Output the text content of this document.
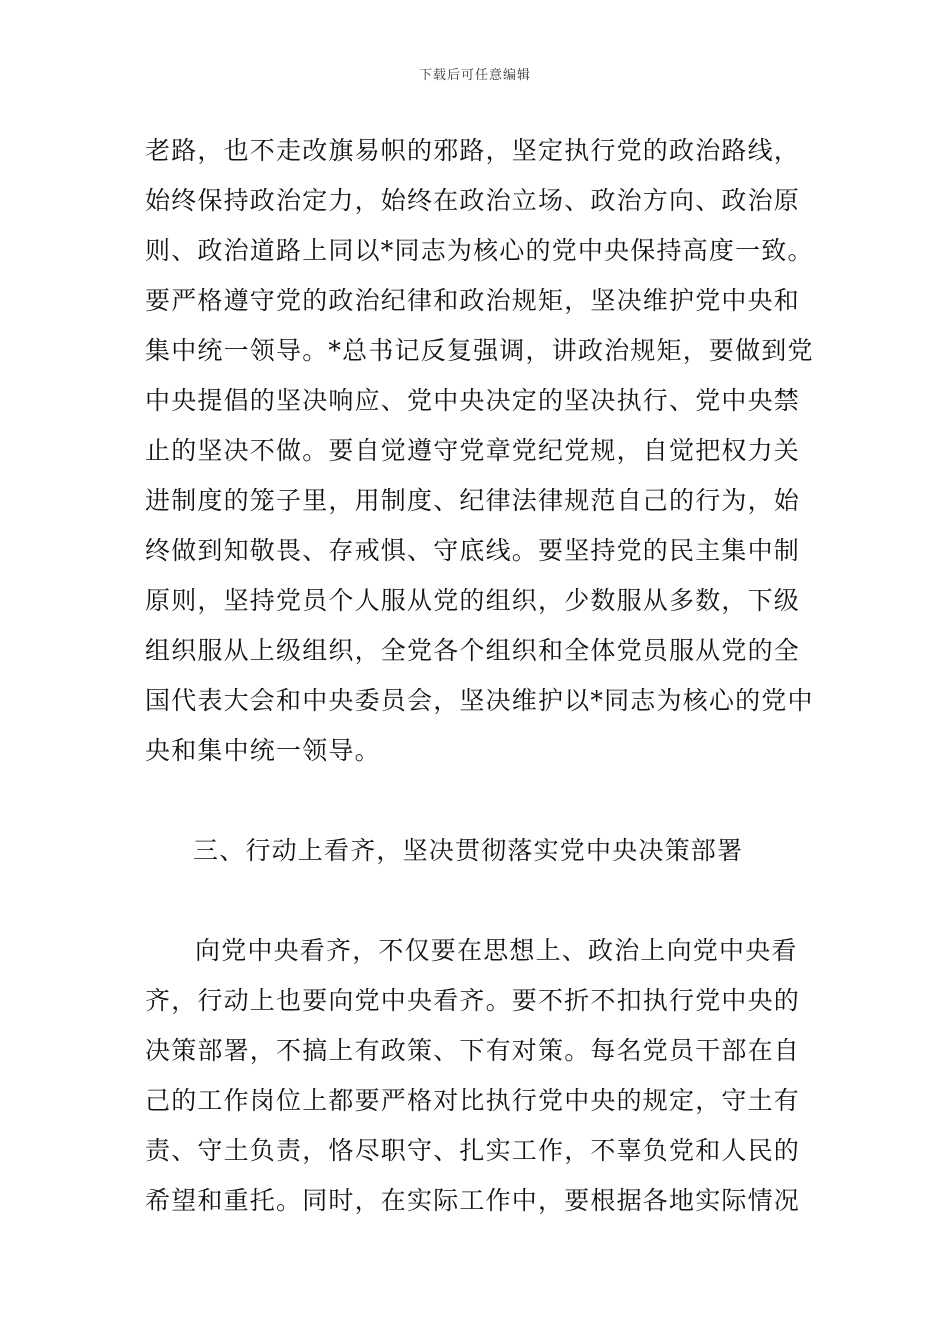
下载后可任意编辑
老路，也不走改旗易帜的邪路，坚定执行党的政治路线，
始终保持政治定力，始终在政治立场、政治方向、政治原
则、政治道路上同以*同志为核心的党中央保持高度一致。
要严格遵守党的政治纪律和政治规矩，坚决维护党中央和
集中统一领导。*总书记反复强调，讲政治规矩，要做到党
中央提倡的坚决响应、党中央决定的坚决执行、党中央禁
止的坚决不做。要自觉遵守党章党纪党规，自觉把权力关
进制度的笼子里，用制度、纪律法律规范自己的行为，始
终做到知敬畏、存戒惧、守底线。要坚持党的民主集中制
原则，坚持党员个人服从党的组织，少数服从多数，下级
组织服从上级组织，全党各个组织和全体党员服从党的全
国代表大会和中央委员会，坚决维护以*同志为核心的党中
央和集中统一领导。
三、行动上看齐，坚决贯彻落实党中央决策部署
向党中央看齐，不仅要在思想上、政治上向党中央看
齐，行动上也要向党中央看齐。要不折不扣执行党中央的
决策部署，不搞上有政策、下有对策。每名党员干部在自
己的工作岗位上都要严格对比执行党中央的规定，守土有
责、守土负责，恪尽职守、扎实工作，不辜负党和人民的
希望和重托。同时，在实际工作中，要根据各地实际情况
